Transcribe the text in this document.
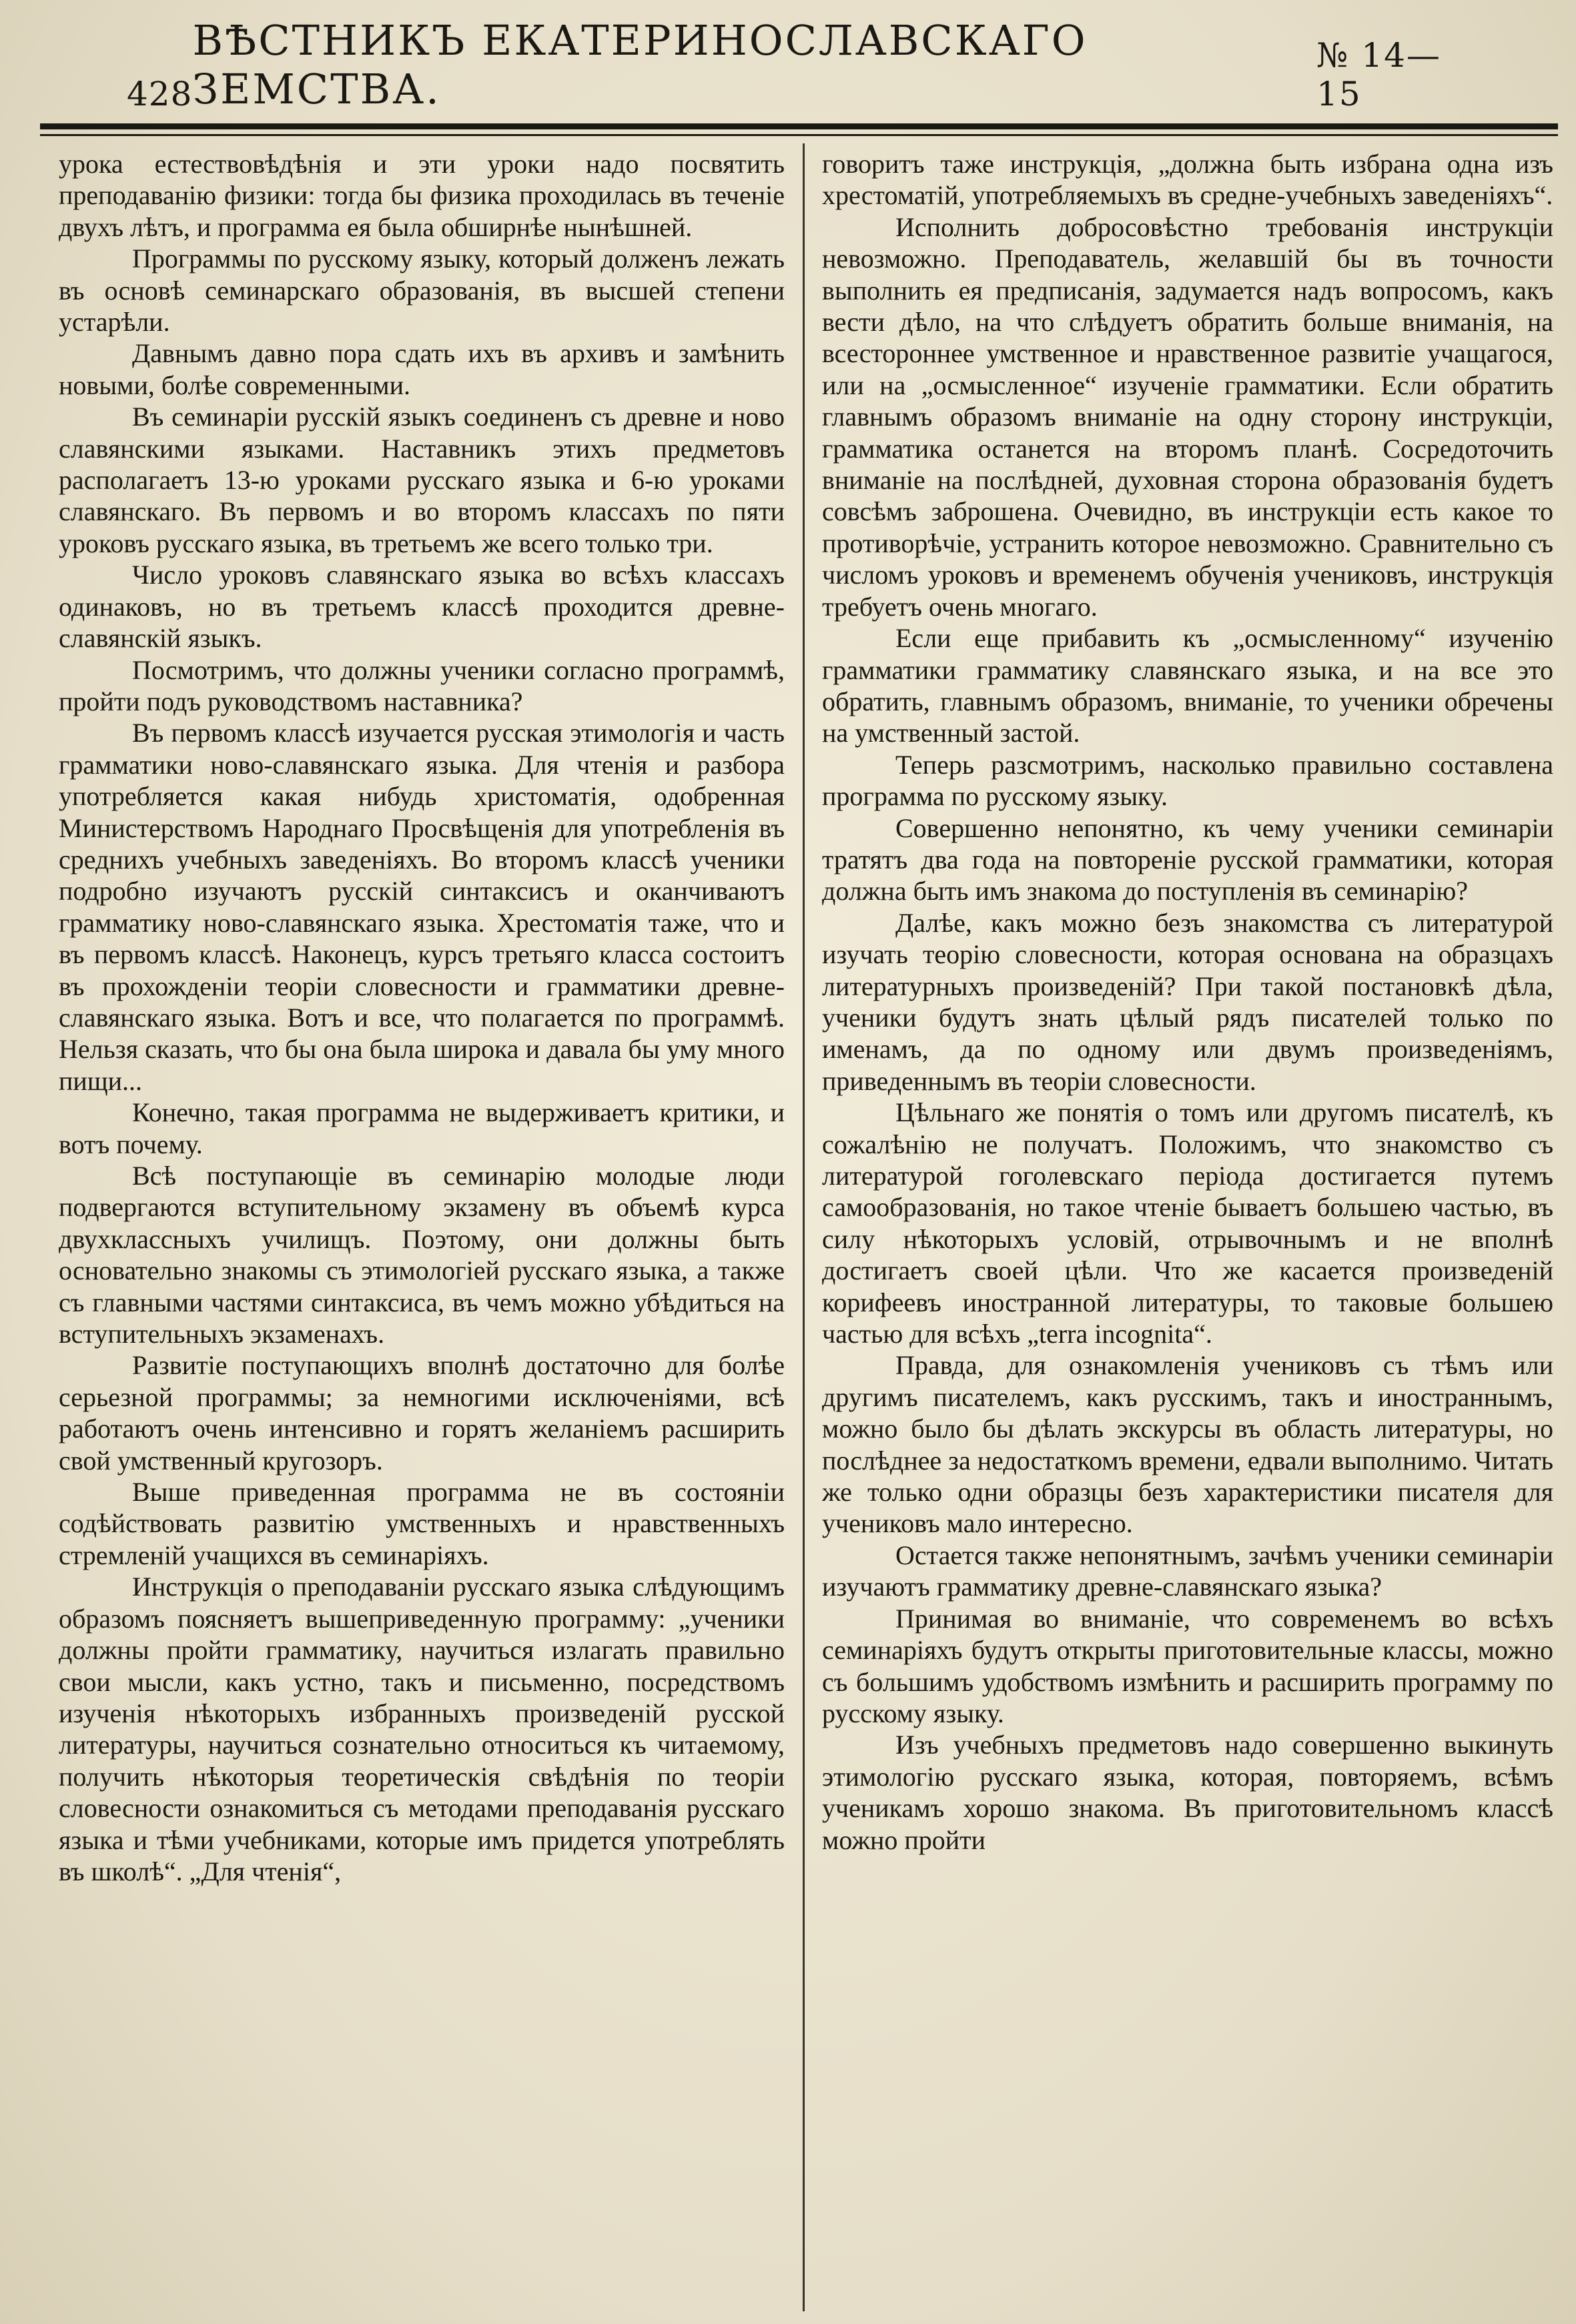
428
ВѢСТНИКЪ ЕКАТЕРИНОСЛАВСКАГО ЗЕМСТВА.
№ 14—15

урока естествовѣдѣнія и эти уроки надо посвятить преподаванію физики: тогда бы физика проходилась въ теченіе двухъ лѣтъ, и программа ея была обширнѣе нынѣшней.

Программы по русскому языку, который долженъ лежать въ основѣ семинарскаго образованія, въ высшей степени устарѣли.

Давнымъ давно пора сдать ихъ въ архивъ и замѣнить новыми, болѣе современными.

Въ семинаріи русскій языкъ соединенъ съ древне и ново славянскими языками. Наставникъ этихъ предметовъ располагаетъ 13-ю уроками русскаго языка и 6-ю уроками славянскаго. Въ первомъ и во второмъ классахъ по пяти уроковъ русскаго языка, въ третьемъ же всего только три.

Число уроковъ славянскаго языка во всѣхъ классахъ одинаковъ, но въ третьемъ классѣ проходится древне-славянскій языкъ.

Посмотримъ, что должны ученики согласно программѣ, пройти подъ руководствомъ наставника?

Въ первомъ классѣ изучается русская этимологія и часть грамматики ново-славянскаго языка. Для чтенія и разбора употребляется какая нибудь христоматія, одобренная Министерствомъ Народнаго Просвѣщенія для употребленія въ среднихъ учебныхъ заведеніяхъ. Во второмъ классѣ ученики подробно изучаютъ русскій синтаксисъ и оканчиваютъ грамматику ново-славянскаго языка. Хрестоматія таже, что и въ первомъ классѣ. Наконецъ, курсъ третьяго класса состоитъ въ прохожденіи теоріи словесности и грамматики древне-славянскаго языка. Вотъ и все, что полагается по программѣ. Нельзя сказать, что бы она была широка и давала бы уму много пищи...

Конечно, такая программа не выдерживаетъ критики, и вотъ почему.

Всѣ поступающіе въ семинарію молодые люди подвергаются вступительному экзамену въ объемѣ курса двухклассныхъ училищъ. Поэтому, они должны быть основательно знакомы съ этимологіей русскаго языка, а также съ главными частями синтаксиса, въ чемъ можно убѣдиться на вступительныхъ экзаменахъ.

Развитіе поступающихъ вполнѣ достаточно для болѣе серьезной программы; за немногими исключеніями, всѣ работаютъ очень интенсивно и горятъ желаніемъ расширить свой умственный кругозоръ.

Выше приведенная программа не въ состояніи содѣйствовать развитію умственныхъ и нравственныхъ стремленій учащихся въ семинаріяхъ.

Инструкція о преподаваніи русскаго языка слѣдующимъ образомъ поясняетъ вышеприведенную программу: „ученики должны пройти грамматику, научиться излагать правильно свои мысли, какъ устно, такъ и письменно, посредствомъ изученія нѣкоторыхъ избранныхъ произведеній русской литературы, научиться сознательно относиться къ читаемому, получить нѣкоторыя теоретическія свѣдѣнія по теоріи словесности ознакомиться съ методами преподаванія русскаго языка и тѣми учебниками, которые имъ придется употреблять въ школѣ“. „Для чтенія“,

говоритъ таже инструкція, „должна быть избрана одна изъ хрестоматій, употребляемыхъ въ средне-учебныхъ заведеніяхъ“.

Исполнить добросовѣстно требованія инструкціи невозможно. Преподаватель, желавшій бы въ точности выполнить ея предписанія, задумается надъ вопросомъ, какъ вести дѣло, на что слѣдуетъ обратить больше вниманія, на всестороннее умственное и нравственное развитіе учащагося, или на „осмысленное“ изученіе грамматики. Если обратить главнымъ образомъ вниманіе на одну сторону инструкціи, грамматика останется на второмъ планѣ. Сосредоточить вниманіе на послѣдней, духовная сторона образованія будетъ совсѣмъ заброшена. Очевидно, въ инструкціи есть какое то противорѣчіе, устранить которое невозможно. Сравнительно съ числомъ уроковъ и временемъ обученія учениковъ, инструкція требуетъ очень многаго.

Если еще прибавить къ „осмысленному“ изученію грамматики грамматику славянскаго языка, и на все это обратить, главнымъ образомъ, вниманіе, то ученики обречены на умственный застой.

Теперь разсмотримъ, насколько правильно составлена программа по русскому языку.

Совершенно непонятно, къ чему ученики семинаріи тратятъ два года на повтореніе русской грамматики, которая должна быть имъ знакома до поступленія въ семинарію?

Далѣе, какъ можно безъ знакомства съ литературой изучать теорію словесности, которая основана на образцахъ литературныхъ произведеній? При такой постановкѣ дѣла, ученики будутъ знать цѣлый рядъ писателей только по именамъ, да по одному или двумъ произведеніямъ, приведеннымъ въ теоріи словесности.

Цѣльнаго же понятія о томъ или другомъ писателѣ, къ сожалѣнію не получатъ. Положимъ, что знакомство съ литературой гоголевскаго періода достигается путемъ самообразованія, но такое чтеніе бываетъ большею частью, въ силу нѣкоторыхъ условій, отрывочнымъ и не вполнѣ достигаетъ своей цѣли. Что же касается произведеній корифеевъ иностранной литературы, то таковые большею частью для всѣхъ „terra incognita“.

Правда, для ознакомленія учениковъ съ тѣмъ или другимъ писателемъ, какъ русскимъ, такъ и иностраннымъ, можно было бы дѣлать экскурсы въ область литературы, но послѣднее за недостаткомъ времени, едвали выполнимо. Читать же только одни образцы безъ характеристики писателя для учениковъ мало интересно.

Остается также непонятнымъ, зачѣмъ ученики семинаріи изучаютъ грамматику древне-славянскаго языка?

Принимая во вниманіе, что современемъ во всѣхъ семинаріяхъ будутъ открыты приготовительные классы, можно съ большимъ удобствомъ измѣнить и расширить программу по русскому языку.

Изъ учебныхъ предметовъ надо совершенно выкинуть этимологію русскаго языка, которая, повторяемъ, всѣмъ ученикамъ хорошо знакома. Въ приготовительномъ классѣ можно пройти
